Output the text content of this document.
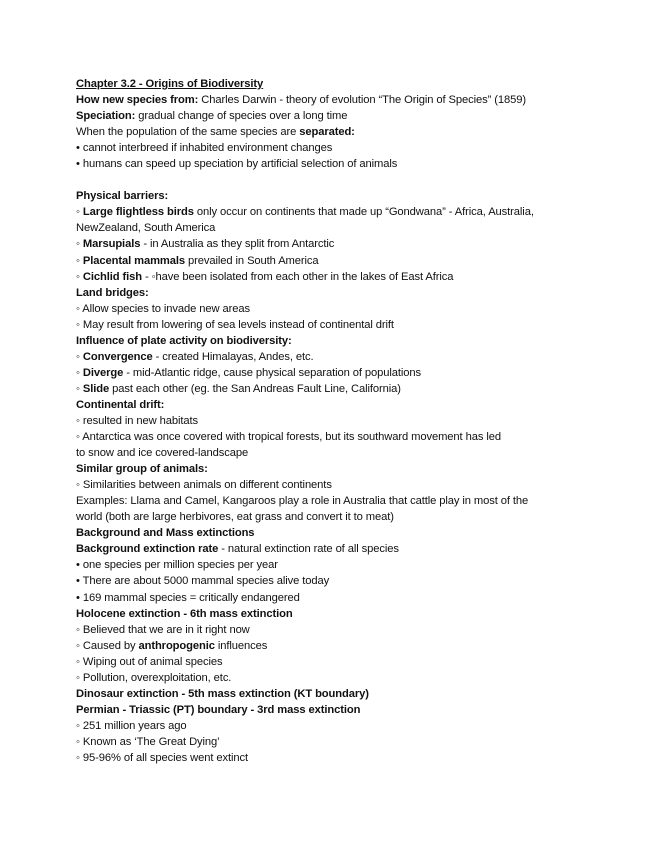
Chapter 3.2 - Origins of Biodiversity
How new species from: Charles Darwin - theory of evolution “The Origin of Species” (1859)
Speciation: gradual change of species over a long time
When the population of the same species are separated:
• cannot interbreed if inhabited environment changes
• humans can speed up speciation by artificial selection of animals
Physical barriers:
◦ Large flightless birds only occur on continents that made up “Gondwana” - Africa, Australia,
NewZealand, South America
◦ Marsupials - in Australia as they split from Antarctic
◦ Placental mammals prevailed in South America
◦ Cichlid fish - ◦have been isolated from each other in the lakes of East Africa
Land bridges:
◦ Allow species to invade new areas
◦ May result from lowering of sea levels instead of continental drift
Influence of plate activity on biodiversity:
◦ Convergence - created Himalayas, Andes, etc.
◦ Diverge - mid-Atlantic ridge, cause physical separation of populations
◦ Slide past each other (eg. the San Andreas Fault Line, California)
Continental drift:
◦ resulted in new habitats
◦ Antarctica was once covered with tropical forests, but its southward movement has led
to snow and ice covered-landscape
Similar group of animals:
◦ Similarities between animals on different continents
Examples: Llama and Camel, Kangaroos play a role in Australia that cattle play in most of the
world (both are large herbivores, eat grass and convert it to meat)
Background and Mass extinctions
Background extinction rate - natural extinction rate of all species
• one species per million species per year
• There are about 5000 mammal species alive today
• 169 mammal species = critically endangered
Holocene extinction - 6th mass extinction
◦ Believed that we are in it right now
◦ Caused by anthropogenic influences
◦ Wiping out of animal species
◦ Pollution, overexploitation, etc.
Dinosaur extinction - 5th mass extinction (KT boundary)
Permian - Triassic (PT) boundary - 3rd mass extinction
◦ 251 million years ago
◦ Known as ‘The Great Dying’
◦ 95-96% of all species went extinct
